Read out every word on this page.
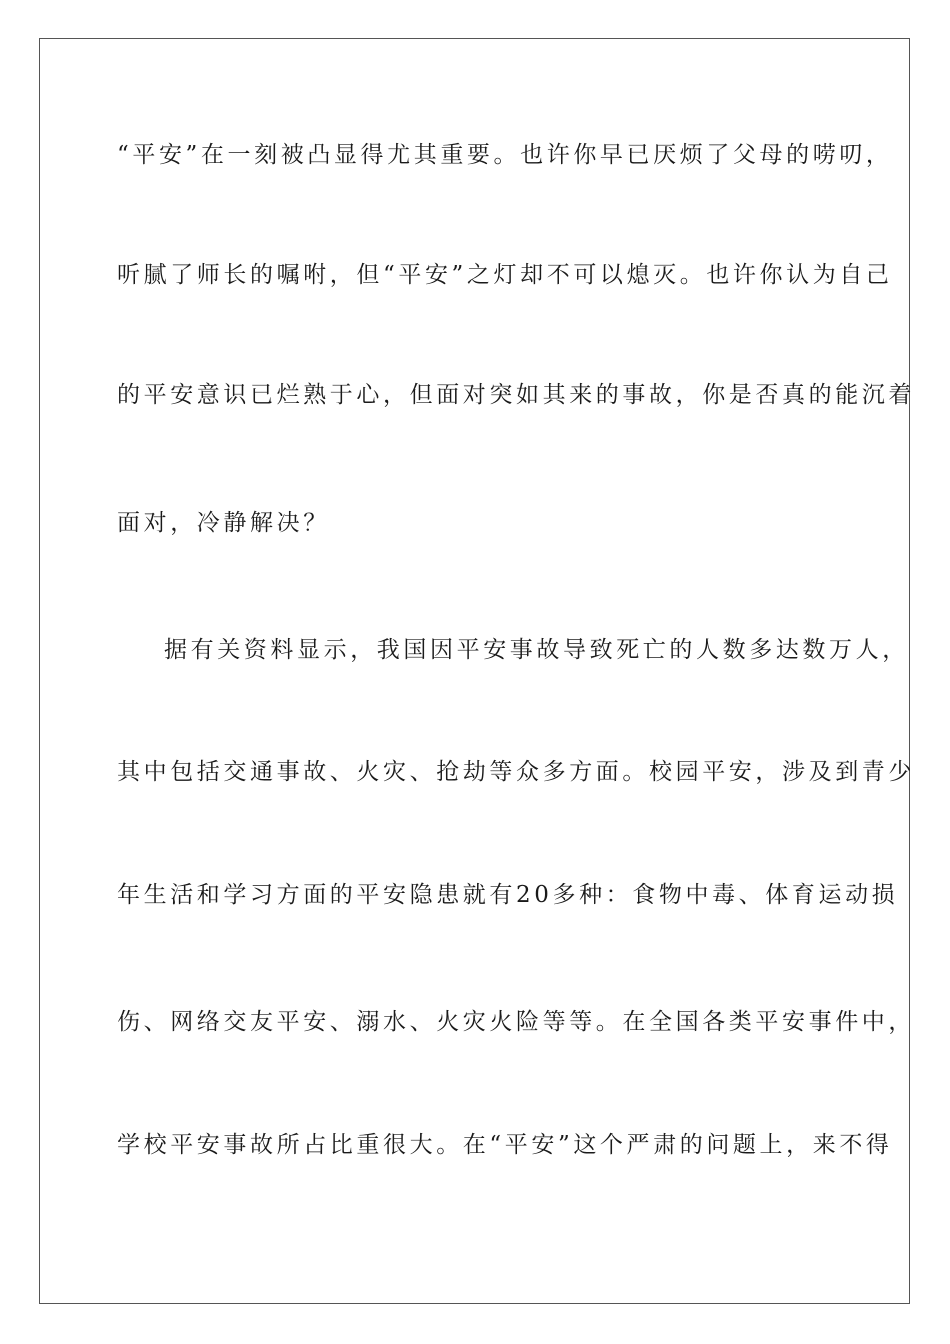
“平安”在一刻被凸显得尤其重要。也许你早已厌烦了父母的唠叨，
听腻了师长的嘱咐，但“平安”之灯却不可以熄灭。也许你认为自己
的平安意识已烂熟于心，但面对突如其来的事故，你是否真的能沉着
面对，冷静解决？
据有关资料显示，我国因平安事故导致死亡的人数多达数万人，
其中包括交通事故、火灾、抢劫等众多方面。校园平安，涉及到青少
年生活和学习方面的平安隐患就有20多种：食物中毒、体育运动损
伤、网络交友平安、溺水、火灾火险等等。在全国各类平安事件中，
学校平安事故所占比重很大。在“平安”这个严肃的问题上，来不得
